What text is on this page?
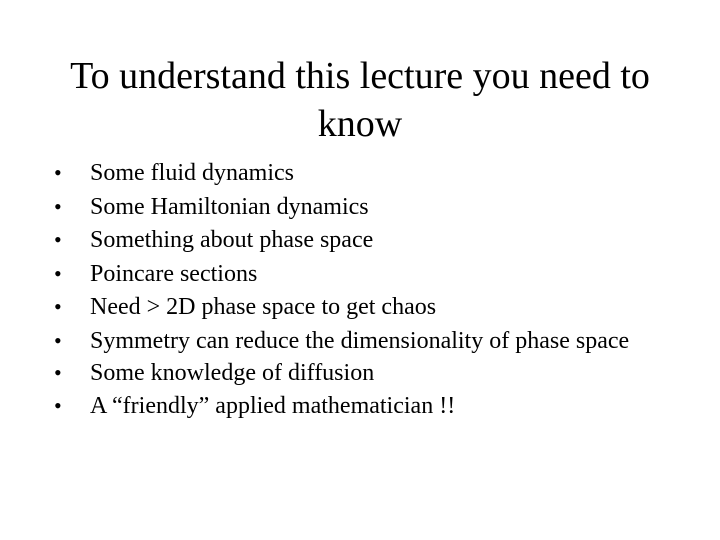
To understand this lecture you need to know
• Some fluid dynamics
• Some Hamiltonian dynamics
• Something about phase space
• Poincare sections
• Need > 2D phase space to get chaos
• Symmetry can reduce the dimensionality of phase space
• Some knowledge of diffusion
• A “friendly” applied mathematician !!
